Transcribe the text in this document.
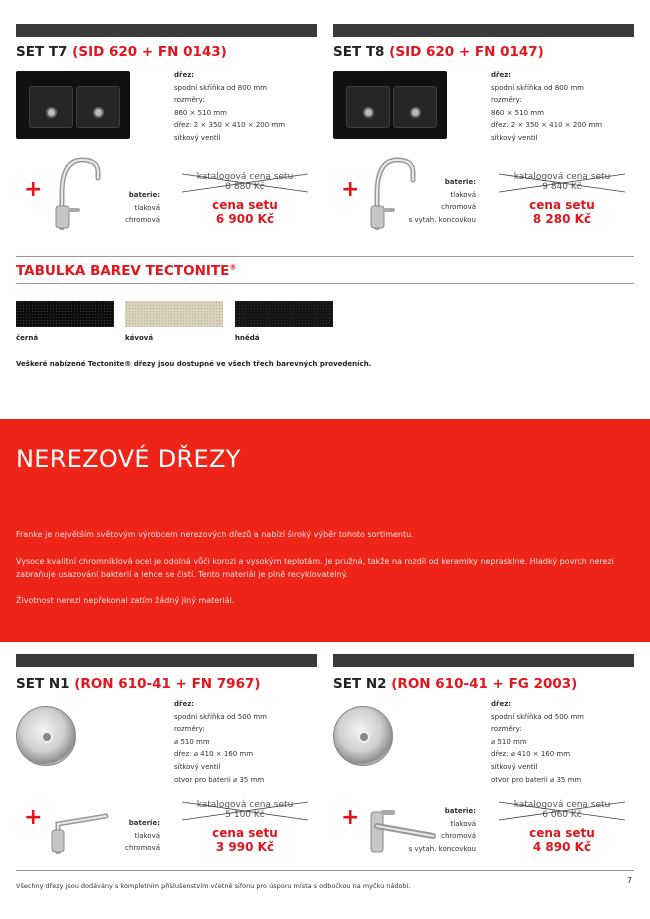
SET T7 (SID 620 + FN 0143)
dřez:
spodní skříňka od 800 mm
rozměry:
860 × 510 mm
dřez: 2 × 350 × 410 × 200 mm
sítkový ventil
+	baterie:
tlaková
chromová
katalogová cena setu
8 880 Kč
cena setu
6 900 Kč
SET T8 (SID 620 + FN 0147)
dřez:
spodní skříňka od 800 mm
rozměry:
860 × 510 mm
dřez: 2 × 350 × 410 × 200 mm
sítkový ventil
+	baterie:
tlaková
chromová
s vytah. koncovkou
katalogová cena setu
9 840 Kč
cena setu
8 280 Kč
TABULKA BAREV TECTONITE®
černá	kávová	hnědá
Veškeré nabízené Tectonite® dřezy jsou dostupné ve všech třech barevných provedeních.
NEREZOVÉ DŘEZY
Franke je největším světovým výrobcem nerezových dřezů a nabízí široký výběr tohoto sortimentu.
Vysoce kvalitní chromniklová ocel je odolná vůči korozi a vysokým teplotám. Je pružná, takže na rozdíl od keramiky neprasklne. Hladký povrch nerezi zabraňuje usazování bakterií a lehce se čistí. Tento materiál je plně recyklovatelný.
Životnost nerezi nepřekonal zatím žádný jiný materiál.
SET N1 (RON 610-41 + FN 7967)
dřez:
spodní skříňka od 500 mm
rozměry:
⌀ 510 mm
dřez: ⌀ 410 × 160 mm
sítkový ventil
otvor pro baterii ⌀ 35 mm
+	baterie:
tlaková
chromová
katalogová cena setu
5 100 Kč
cena setu
3 990 Kč
SET N2 (RON 610-41 + FG 2003)
dřez:
spodní skříňka od 500 mm
rozměry:
⌀ 510 mm
dřez: ⌀ 410 × 160 mm
sítkový ventil
otvor pro baterii ⌀ 35 mm
+	baterie:
tlaková
chromová
s vytah. koncovkou
katalogová cena setu
6 060 Kč
cena setu
4 890 Kč
7
Všechny dřezy jsou dodávány s kompletním příslušenstvím včetně sifonu pro úsporu místa s odbočkou na myčku nádobí.
